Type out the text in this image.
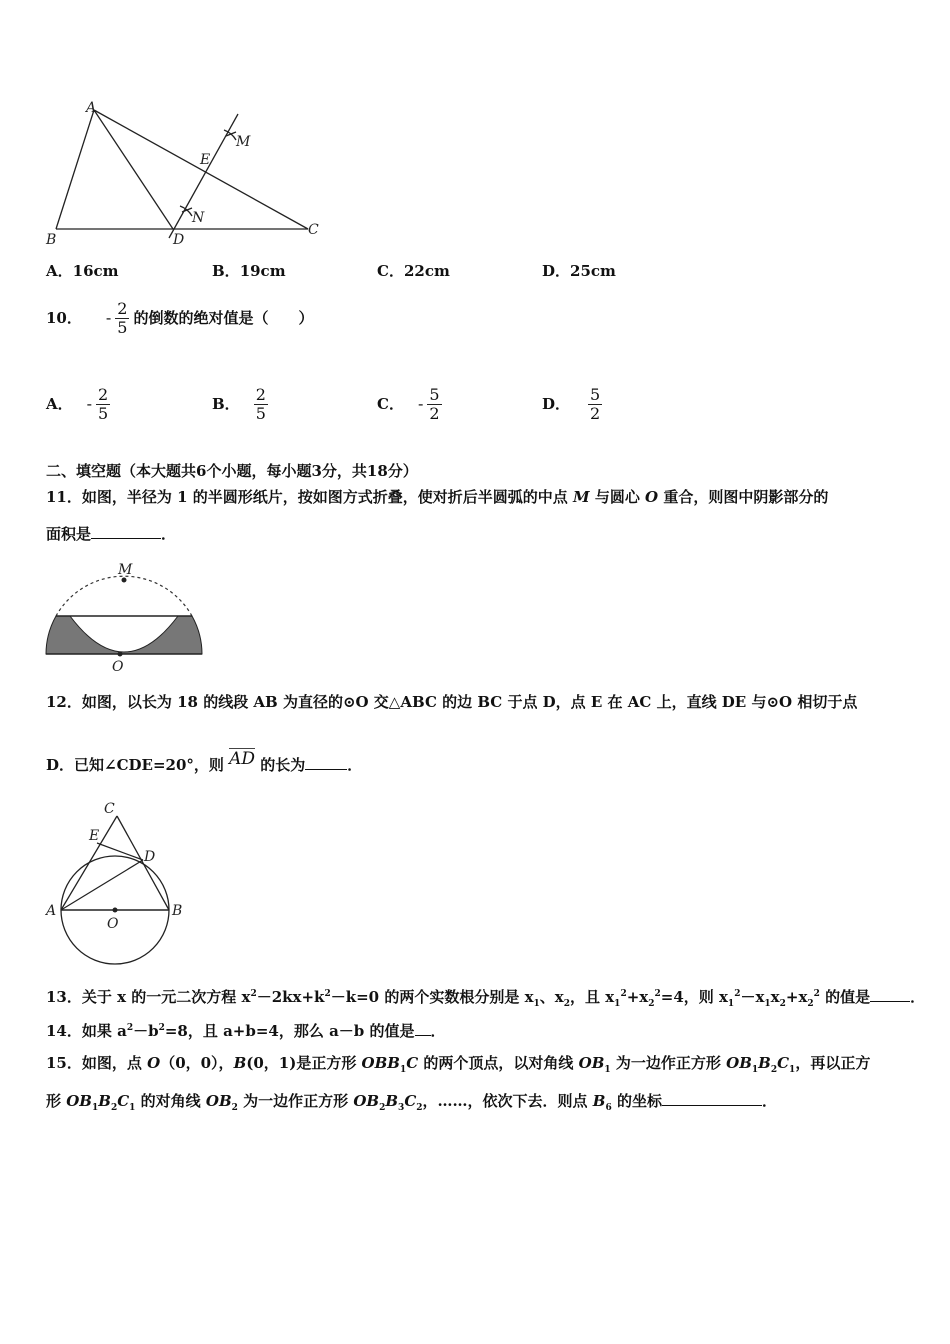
A
M
E
N
B	D
C
A．16cm	B．19cm	C．22cm	D．25cm
10． - $\frac{2}{5}$ 的倒数的绝对值是（　　）
A． - $\frac{2}{5}$	B． $\frac{2}{5}$	C． - $\frac{5}{2}$	D． $\frac{5}{2}$
二、填空题（本大题共6个小题，每小题3分，共18分）
11．如图，半径为 1 的半圆形纸片，按如图方式折叠，使对折后半圆弧的中点 M 与圆心 O 重合，则图中阴影部分的
面积是	．
M
O
12．如图，以长为 18 的线段 AB 为直径的⊙O 交△ABC 的边 BC 于点 D，点 E 在 AC 上，直线 DE 与⊙O 相切于点
D．已知∠CDE=20°，则 AD 的长为	．
C
E
D
A	B
O
13．关于 x 的一元二次方程 $x^2-2kx+k^2-k=0$ 的两个实数根分别是 $x_1$、$x_2$，且 $x_1^2+x_2^2=4$，则 $x_1^2-x_1x_2+x_2^2$ 的值是	．
14．如果 $a^2-b^2=8$，且 a+b=4，那么 a－b 的值是 ．
15．如图，点 O（0，0），B(0，1)是正方形 $OBB_1C$ 的两个顶点，以对角线 $OB_1$ 为一边作正方形 $OB_1B_2C_1$，再以正方
形 $OB_1B_2C_1$ 的对角线 $OB_2$ 为一边作正方形 $OB_2B_3C_2$，……，依次下去．则点 $B_6$ 的坐标	．
